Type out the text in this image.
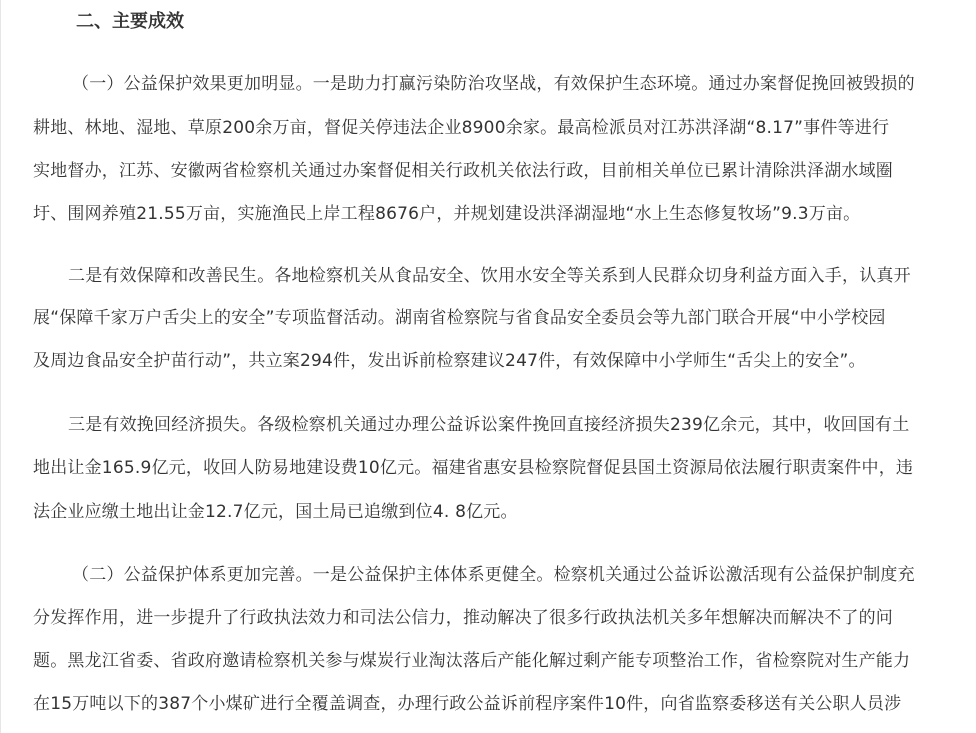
二、主要成效

（一）公益保护效果更加明显。一是助力打赢污染防治攻坚战，有效保护生态环境。通过办案督促挽回被毁损的

耕地、林地、湿地、草原200余万亩，督促关停违法企业8900余家。最高检派员对江苏洪泽湖“8.17”事件等进行

实地督办，江苏、安徽两省检察机关通过办案督促相关行政机关依法行政，目前相关单位已累计清除洪泽湖水域圈

圩、围网养殖21.55万亩，实施渔民上岸工程8676户，并规划建设洪泽湖湿地“水上生态修复牧场”9.3万亩。

二是有效保障和改善民生。各地检察机关从食品安全、饮用水安全等关系到人民群众切身利益方面入手，认真开

展“保障千家万户舌尖上的安全”专项监督活动。湖南省检察院与省食品安全委员会等九部门联合开展“中小学校园

及周边食品安全护苗行动”，共立案294件，发出诉前检察建议247件，有效保障中小学师生“舌尖上的安全”。

三是有效挽回经济损失。各级检察机关通过办理公益诉讼案件挽回直接经济损失239亿余元，其中，收回国有土

地出让金165.9亿元，收回人防易地建设费10亿元。福建省惠安县检察院督促县国土资源局依法履行职责案件中，违

法企业应缴土地出让金12.7亿元，国土局已追缴到位4. 8亿元。

（二）公益保护体系更加完善。一是公益保护主体体系更健全。检察机关通过公益诉讼激活现有公益保护制度充

分发挥作用，进一步提升了行政执法效力和司法公信力，推动解决了很多行政执法机关多年想解决而解决不了的问

题。黑龙江省委、省政府邀请检察机关参与煤炭行业淘汰落后产能化解过剩产能专项整治工作，省检察院对生产能力

在15万吨以下的387个小煤矿进行全覆盖调查，办理行政公益诉前程序案件10件，向省监察委移送有关公职人员涉
